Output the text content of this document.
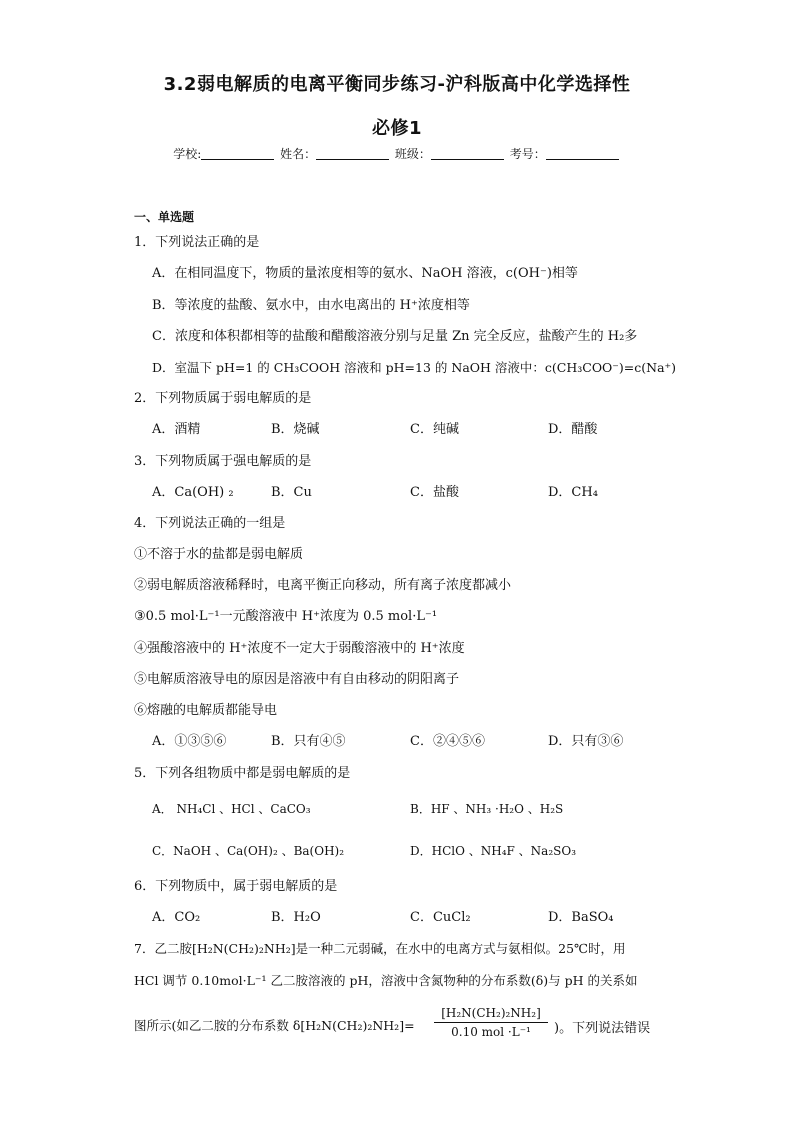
3.2弱电解质的电离平衡同步练习-沪科版高中化学选择性
必修1
学校:	姓名：	班级：	考号：
一、单选题
1．下列说法正确的是
A．在相同温度下，物质的量浓度相等的氨水、NaOH 溶液，c(OH⁻)相等
B．等浓度的盐酸、氨水中，由水电离出的 H⁺浓度相等
C．浓度和体积都相等的盐酸和醋酸溶液分别与足量 Zn 完全反应，盐酸产生的 H₂多
D．室温下 pH=1 的 CH₃COOH 溶液和 pH=13 的 NaOH 溶液中：c(CH₃COO⁻)=c(Na⁺)
2．下列物质属于弱电解质的是
A．酒精	B．烧碱	C．纯碱	D．醋酸
3．下列物质属于强电解质的是
A．Ca(OH) ₂	B．Cu	C．盐酸	D．CH₄
4．下列说法正确的一组是
①不溶于水的盐都是弱电解质
②弱电解质溶液稀释时，电离平衡正向移动，所有离子浓度都减小
③0.5 mol·L⁻¹一元酸溶液中 H⁺浓度为 0.5 mol·L⁻¹
④强酸溶液中的 H⁺浓度不一定大于弱酸溶液中的 H⁺浓度
⑤电解质溶液导电的原因是溶液中有自由移动的阴阳离子
⑥熔融的电解质都能导电
A．①③⑤⑥	B．只有④⑤	C．②④⑤⑥	D．只有③⑥
5．下列各组物质中都是弱电解质的是
A． NH₄Cl 、HCl 、CaCO₃	B．HF 、NH₃ ·H₂O 、H₂S
C．NaOH 、Ca(OH)₂ 、Ba(OH)₂	D．HClO 、NH₄F 、Na₂SO₃
6．下列物质中，属于弱电解质的是
A．CO₂	B．H₂O	C．CuCl₂	D．BaSO₄
7．乙二胺[H₂N(CH₂)₂NH₂]是一种二元弱碱，在水中的电离方式与氨相似。25℃时，用
HCl 调节 0.10mol·L⁻¹ 乙二胺溶液的 pH，溶液中含氮物种的分布系数(δ)与 pH 的关系如
图所示(如乙二胺的分布系数 δ[H₂N(CH₂)₂NH₂]=
[H₂N(CH₂)₂NH₂]
0.10 mol ·L⁻¹	)。下列说法错误
